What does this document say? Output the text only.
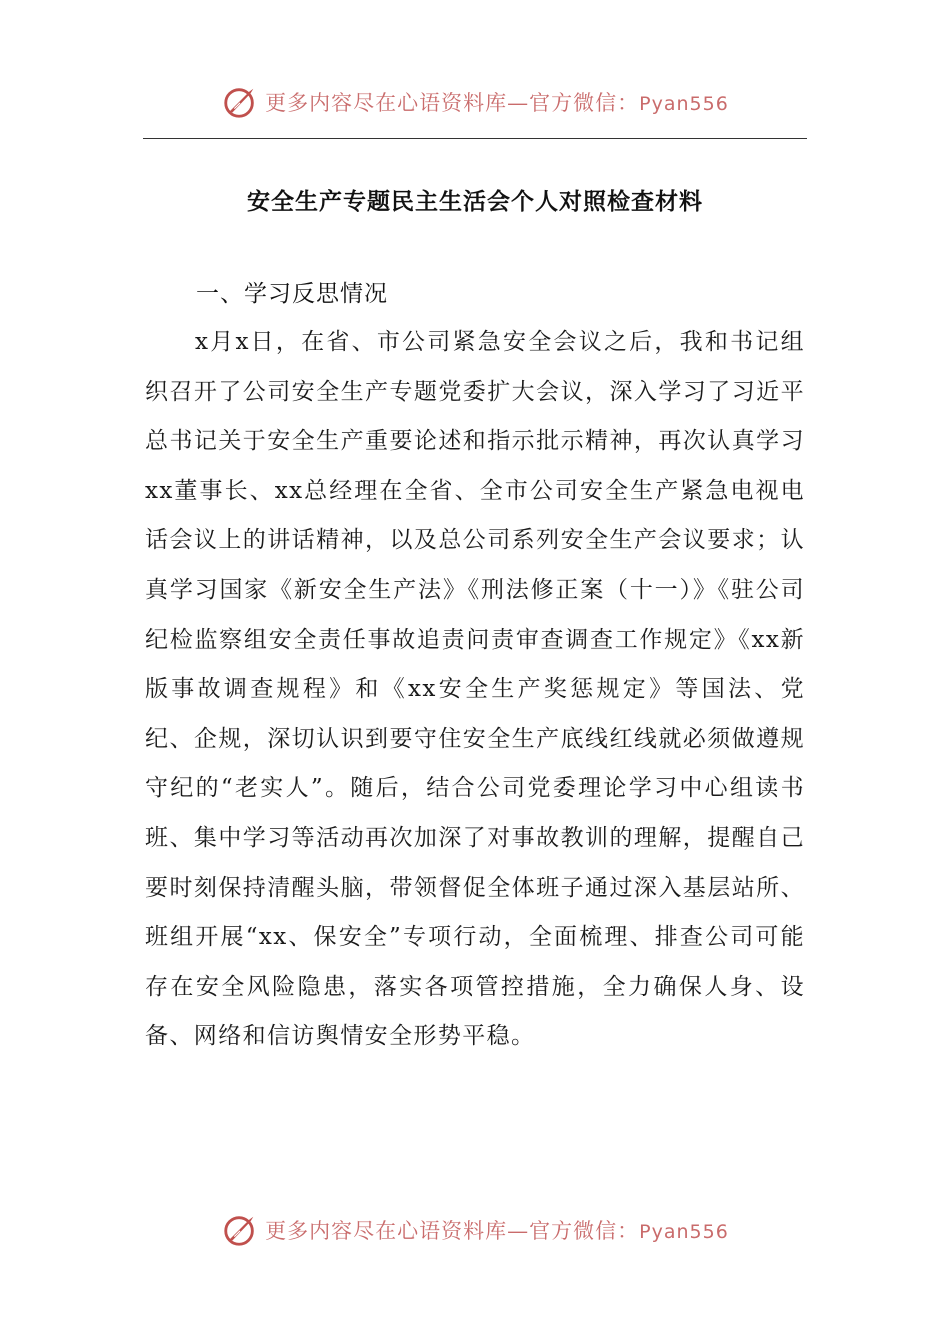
更多内容尽在心语资料库—官方微信：Pyan556
安全生产专题民主生活会个人对照检查材料
一、学习反思情况

x月x日，在省、市公司紧急安全会议之后，我和书记组织召开了公司安全生产专题党委扩大会议，深入学习了习近平总书记关于安全生产重要论述和指示批示精神，再次认真学习xx董事长、xx总经理在全省、全市公司安全生产紧急电视电话会议上的讲话精神，以及总公司系列安全生产会议要求；认真学习国家《新安全生产法》《刑法修正案（十一）》《驻公司纪检监察组安全责任事故追责问责审查调查工作规定》《xx新版事故调查规程》和《xx安全生产奖惩规定》等国法、党纪、企规，深切认识到要守住安全生产底线红线就必须做遵规守纪的“老实人”。随后，结合公司党委理论学习中心组读书班、集中学习等活动再次加深了对事故教训的理解，提醒自己要时刻保持清醒头脑，带领督促全体班子通过深入基层站所、班组开展“xx、保安全”专项行动，全面梳理、排查公司可能存在安全风险隐患，落实各项管控措施，全力确保人身、设备、网络和信访舆情安全形势平稳。

更多内容尽在心语资料库—官方微信：Pyan556
